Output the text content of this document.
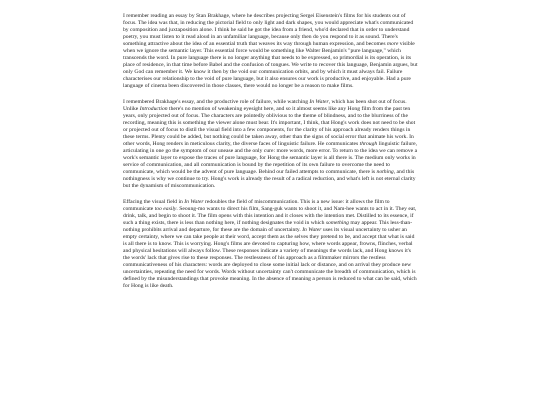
I remember reading an essay by Stan Brakhage, where he describes projecting Sergei Eisenstein's films for his students out of focus. The idea was that, in reducing the pictorial field to only light and dark shapes, you would appreciate what's communicated by composition and juxtaposition alone. I think he said he got the idea from a friend, who'd declared that in order to understand poetry, you must listen to it read aloud in an unfamiliar language, because only then do you respond to it as sound. There's something attractive about the idea of an essential truth that weaves its way through human expression, and becomes more visible when we ignore the semantic layer. This essential force would be something like Walter Benjamin's "pure language," which transcends the word. In pure language there is no longer anything that needs to be expressed, so primordial is its operation, is its place of residence, in that time before Babel and the confusion of tongues. We write to recover this language, Benjamin argues, but only God can remember it. We know it then by the void our communication orbits, and by which it must always fail. Failure characterises our relationship to the void of pure language, but it also ensures our work is productive, and enjoyable. Had a pure language of cinema been discovered in those classes, there would no longer be a reason to make films.

I remembered Brakhage's essay, and the productive role of failure, while watching In Water, which has been shot out of focus. Unlike Introduction there's no mention of weakening eyesight here, and so it almost seems like any Hong film from the past ten years, only projected out of focus. The characters are pointedly oblivious to the theme of blindness, and to the blurriness of the recording, meaning this is something the viewer alone must bear. It's important, I think, that Hong's work does not need to be shot or projected out of focus to distil the visual field into a few components, for the clarity of his approach already renders things in these terms. Plenty could be added, but nothing could be taken away, other than the signs of social error that animate his work. In other words, Hong renders in meticulous clarity, the diverse faces of linguistic failure. He communicates through linguistic failure, articulating in one go the symptom of our unease and the only cure: more words, more error. To return to the idea we can remove a work's semantic layer to expose the traces of pure language, for Hong the semantic layer is all there is. The medium only works in service of communication, and all communication is bound by the repetition of its own failure to overcome the need to communicate, which would be the advent of pure language. Behind our failed attempts to communicate, there is nothing, and this nothingness is why we continue to try. Hong's work is already the result of a radical reduction, and what's left is not eternal clarity but the dynamism of miscommunication.

Effacing the visual field in In Water redoubles the field of miscommunication. This is a new issue: it allows the film to communicate too easily. Seoung-mo wants to direct his film, Sang-guk wants to shoot it, and Nam-hee wants to act in it. They eat, drink, talk, and begin to shoot it. The film opens with this intention and it closes with the intention met. Distilled to its essence, if such a thing exists, there is less than nothing here, if nothing designates the void in which something may appear. This less-than-nothing prohibits arrival and departure, for these are the domain of uncertainty. In Water uses its visual uncertainty to usher an empty certainty, where we can take people at their word, accept them as the selves they pretend to be, and accept that what is said is all there is to know. This is worrying. Hong's films are devoted to capturing how, where words appear, frowns, flinches, verbal and physical hesitations will always follow. These responses indicate a variety of meanings the words lack, and Hong knows it's the words' lack that gives rise to these responses. The restlessness of his approach as a filmmaker mirrors the restless communicativeness of his characters: words are deployed to close some initial lack or distance, and on arrival they produce new uncertainties, repeating the need for words. Words without uncertainty can't communicate the breadth of communication, which is defined by the misunderstandings that provoke meaning. In the absence of meaning a person is reduced to what can be said, which for Hong is like death.
